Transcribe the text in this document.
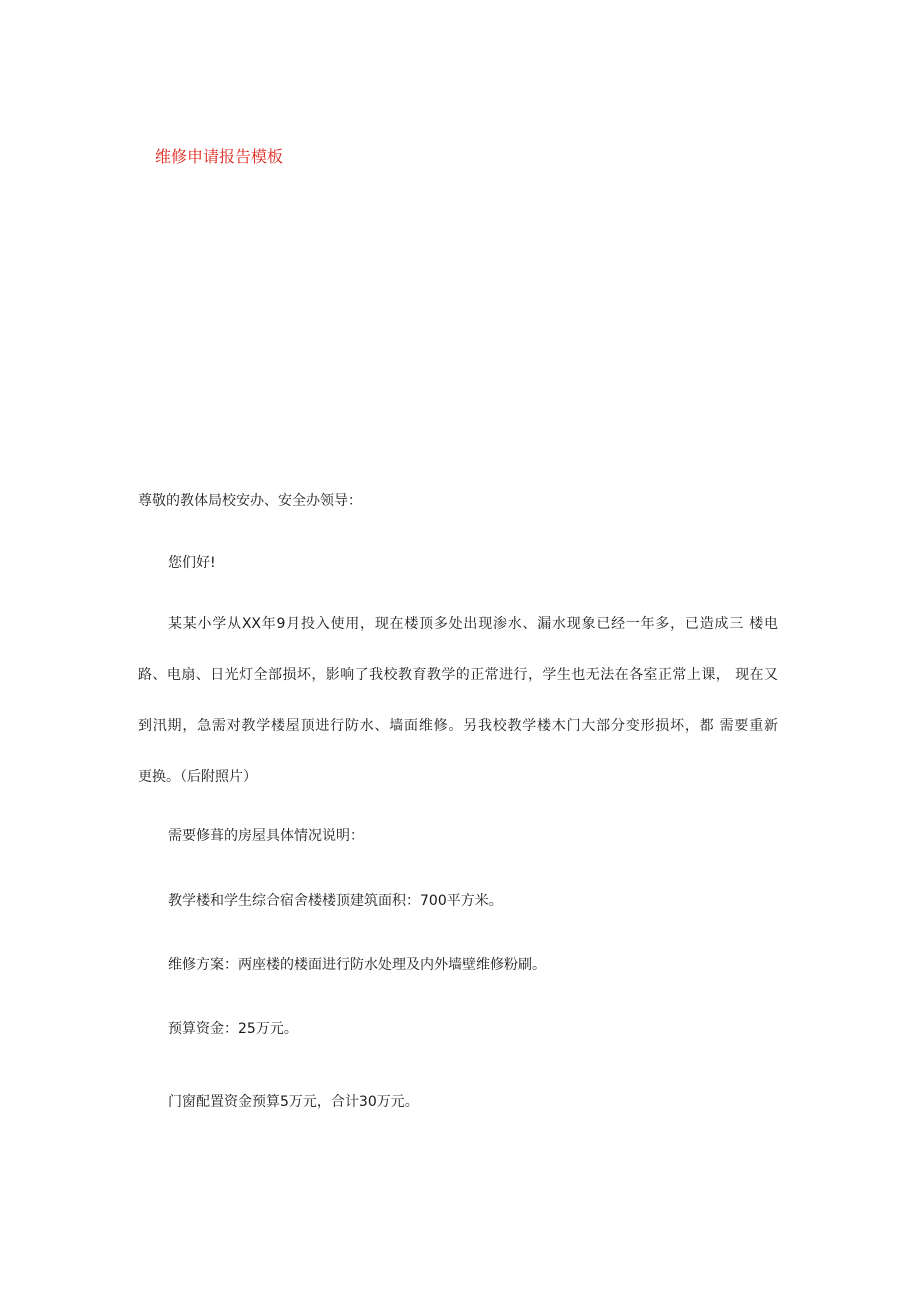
维修申请报告模板
尊敬的教体局校安办、安全办领导：
您们好!
某某小学从XX年9月投入使用，现在楼顶多处出现渗水、漏水现象已经一年多，已造成三 楼电
路、电扇、日光灯全部损坏，影响了我校教育教学的正常进行，学生也无法在各室正常上课， 现在又
到汛期，急需对教学楼屋顶进行防水、墙面维修。另我校教学楼木门大部分变形损坏，都 需要重新
更换。（后附照片）
需要修葺的房屋具体情况说明：
教学楼和学生综合宿舍楼楼顶建筑面积：700平方米。
维修方案：两座楼的楼面进行防水处理及内外墙壁维修粉刷。
预算资金：25万元。
门窗配置资金预算5万元，合计30万元。
